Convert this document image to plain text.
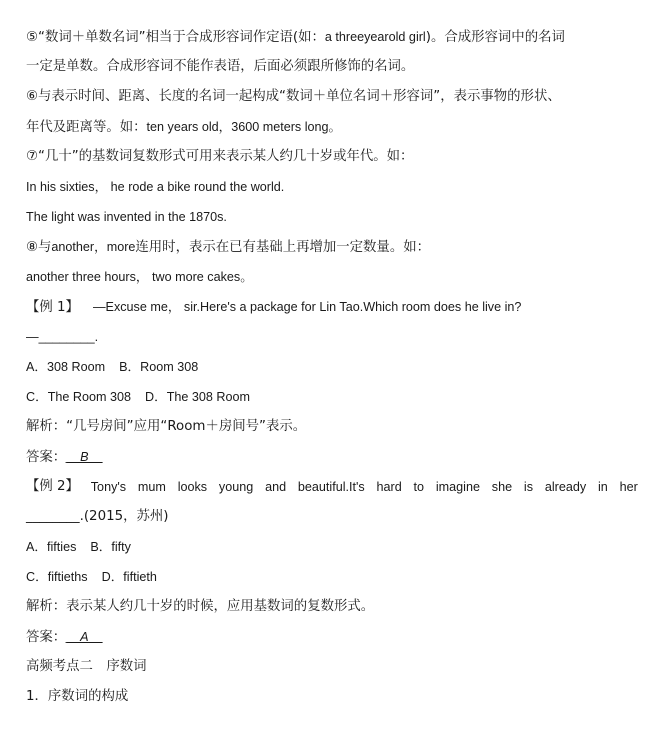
⑤“数词＋单数名词”相当于合成形容词作定语(如：a threeyearold girl)。合成形容词中的名词
一定是单数。合成形容词不能作表语，后面必须跟所修饰的名词。
⑥与表示时间、距离、长度的名词一起构成“数词＋单位名词＋形容词”，表示事物的形状、
年代及距离等。如：ten years old，3600 meters long。
⑦“几十”的基数词复数形式可用来表示某人约几十岁或年代。如：
In his sixties， he rode a bike round the world.
The light was invented in the 1870s.
⑧与another，more连用时，表示在已有基础上再增加一定数量。如：
another three hours， two more cakes。
【例 1】 —Excuse me， sir.Here's a package for Lin Tao.Which room does he live in?
—________.
A．308 Room B．Room 308
C．The Room 308 D．The 308 Room
解析：“几号房间”应用“Room＋房间号”表示。
答案：__B__
【例 2】 Tony's mum looks young and beautiful.It's hard to imagine she is already in her
________.(2015，苏州)
A．fifties B．fifty
C．fiftieths D．fiftieth
解析：表示某人约几十岁的时候，应用基数词的复数形式。
答案：__A__
高频考点二　序数词
1．序数词的构成
